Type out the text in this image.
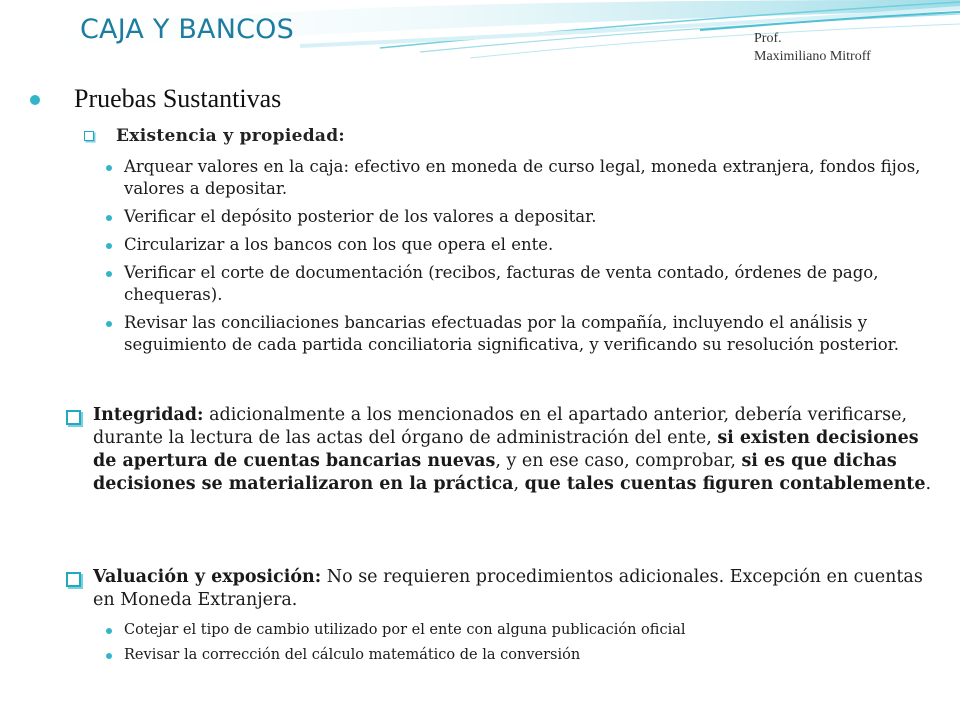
CAJA Y BANCOS	Prof.
Maximiliano Mitroff
Pruebas Sustantivas
Existencia y propiedad:
Arquear valores en la caja: efectivo en moneda de curso legal, moneda extranjera, fondos fijos, valores a depositar.
Verificar el depósito posterior de los valores a depositar.
Circularizar a los bancos con los que opera el ente.
Verificar el corte de documentación (recibos, facturas de venta contado, órdenes de pago, chequeras).
Revisar las conciliaciones bancarias efectuadas por la compañía, incluyendo el análisis y seguimiento de cada partida conciliatoria significativa, y verificando su resolución posterior.
Integridad: adicionalmente a los mencionados en el apartado anterior, debería verificarse, durante la lectura de las actas del órgano de administración del ente, si existen decisiones de apertura de cuentas bancarias nuevas, y en ese caso, comprobar, si es que dichas decisiones se materializaron en la práctica, que tales cuentas figuren contablemente.
Valuación y exposición: No se requieren procedimientos adicionales. Excepción en cuentas en Moneda Extranjera.
Cotejar el tipo de cambio utilizado por el ente con alguna publicación oficial
Revisar la corrección del cálculo matemático de la conversión
